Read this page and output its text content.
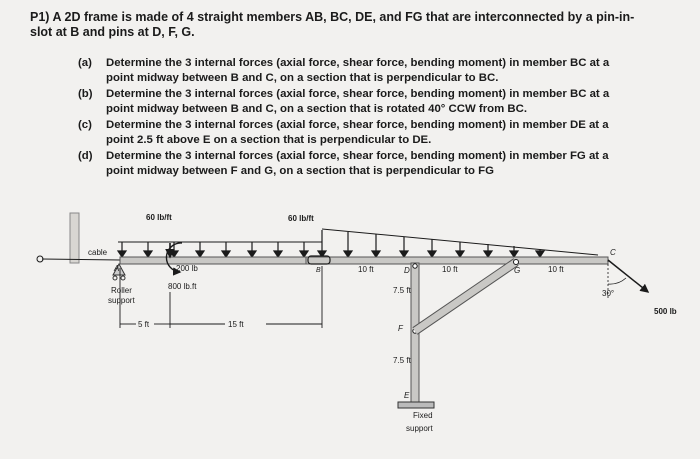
P1) A 2D frame is made of 4 straight members AB, BC, DE, and FG that are interconnected by a pin-in-slot at B and pins at D, F, G.
(a) Determine the 3 internal forces (axial force, shear force, bending moment) in member BC at a point midway between B and C, on a section that is perpendicular to BC.
(b) Determine the 3 internal forces (axial force, shear force, bending moment) in member BC at a point midway between B and C, on a section that is rotated 40° CCW from BC.
(c) Determine the 3 internal forces (axial force, shear force, bending moment) in member DE at a point 2.5 ft above E on a section that is perpendicular to DE.
(d) Determine the 3 internal forces (axial force, shear force, bending moment) in member FG at a point midway between F and G, on a section that is perpendicular to FG
60 lb/ft	60 lb/ft
cable
A
Roller
support
200 lb
800 lb.ft
B	D	G
C
10 ft	10 ft	10 ft
F
E
7.5 ft
7.5 ft
Fixed
support
30°
500 lb
5 ft	15 ft
